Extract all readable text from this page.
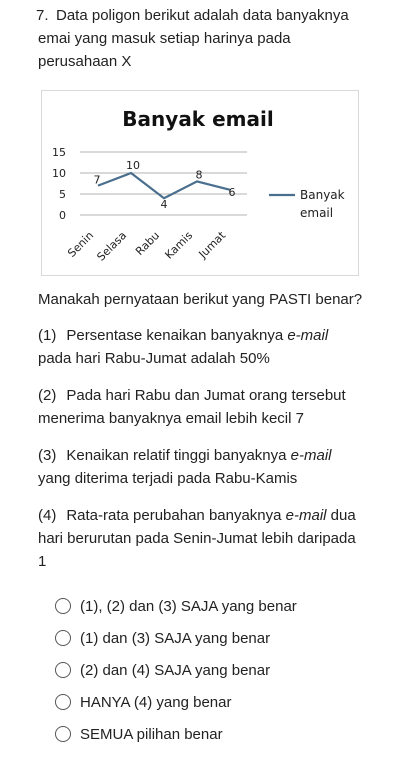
7. Data poligon berikut adalah data banyaknya
emai yang masuk setiap harinya pada
perusahaan X
Banyak email
0
5
10
15
7
10
4
8
6
Senin
Selasa Rabu Kamis Jumat
Banyak
email
Manakah pernyataan berikut yang PASTI benar?
(1) Persentase kenaikan banyaknya e-mail
pada hari Rabu-Jumat adalah 50%
(2) Pada hari Rabu dan Jumat orang tersebut
menerima banyaknya email lebih kecil 7
(3) Kenaikan relatif tinggi banyaknya e-mail
yang diterima terjadi pada Rabu-Kamis
(4) Rata-rata perubahan banyaknya e-mail dua
hari berurutan pada Senin-Jumat lebih daripada
1
(1), (2) dan (3) SAJA yang benar
(1) dan (3) SAJA yang benar
(2) dan (4) SAJA yang benar
HANYA (4) yang benar
SEMUA pilihan benar
